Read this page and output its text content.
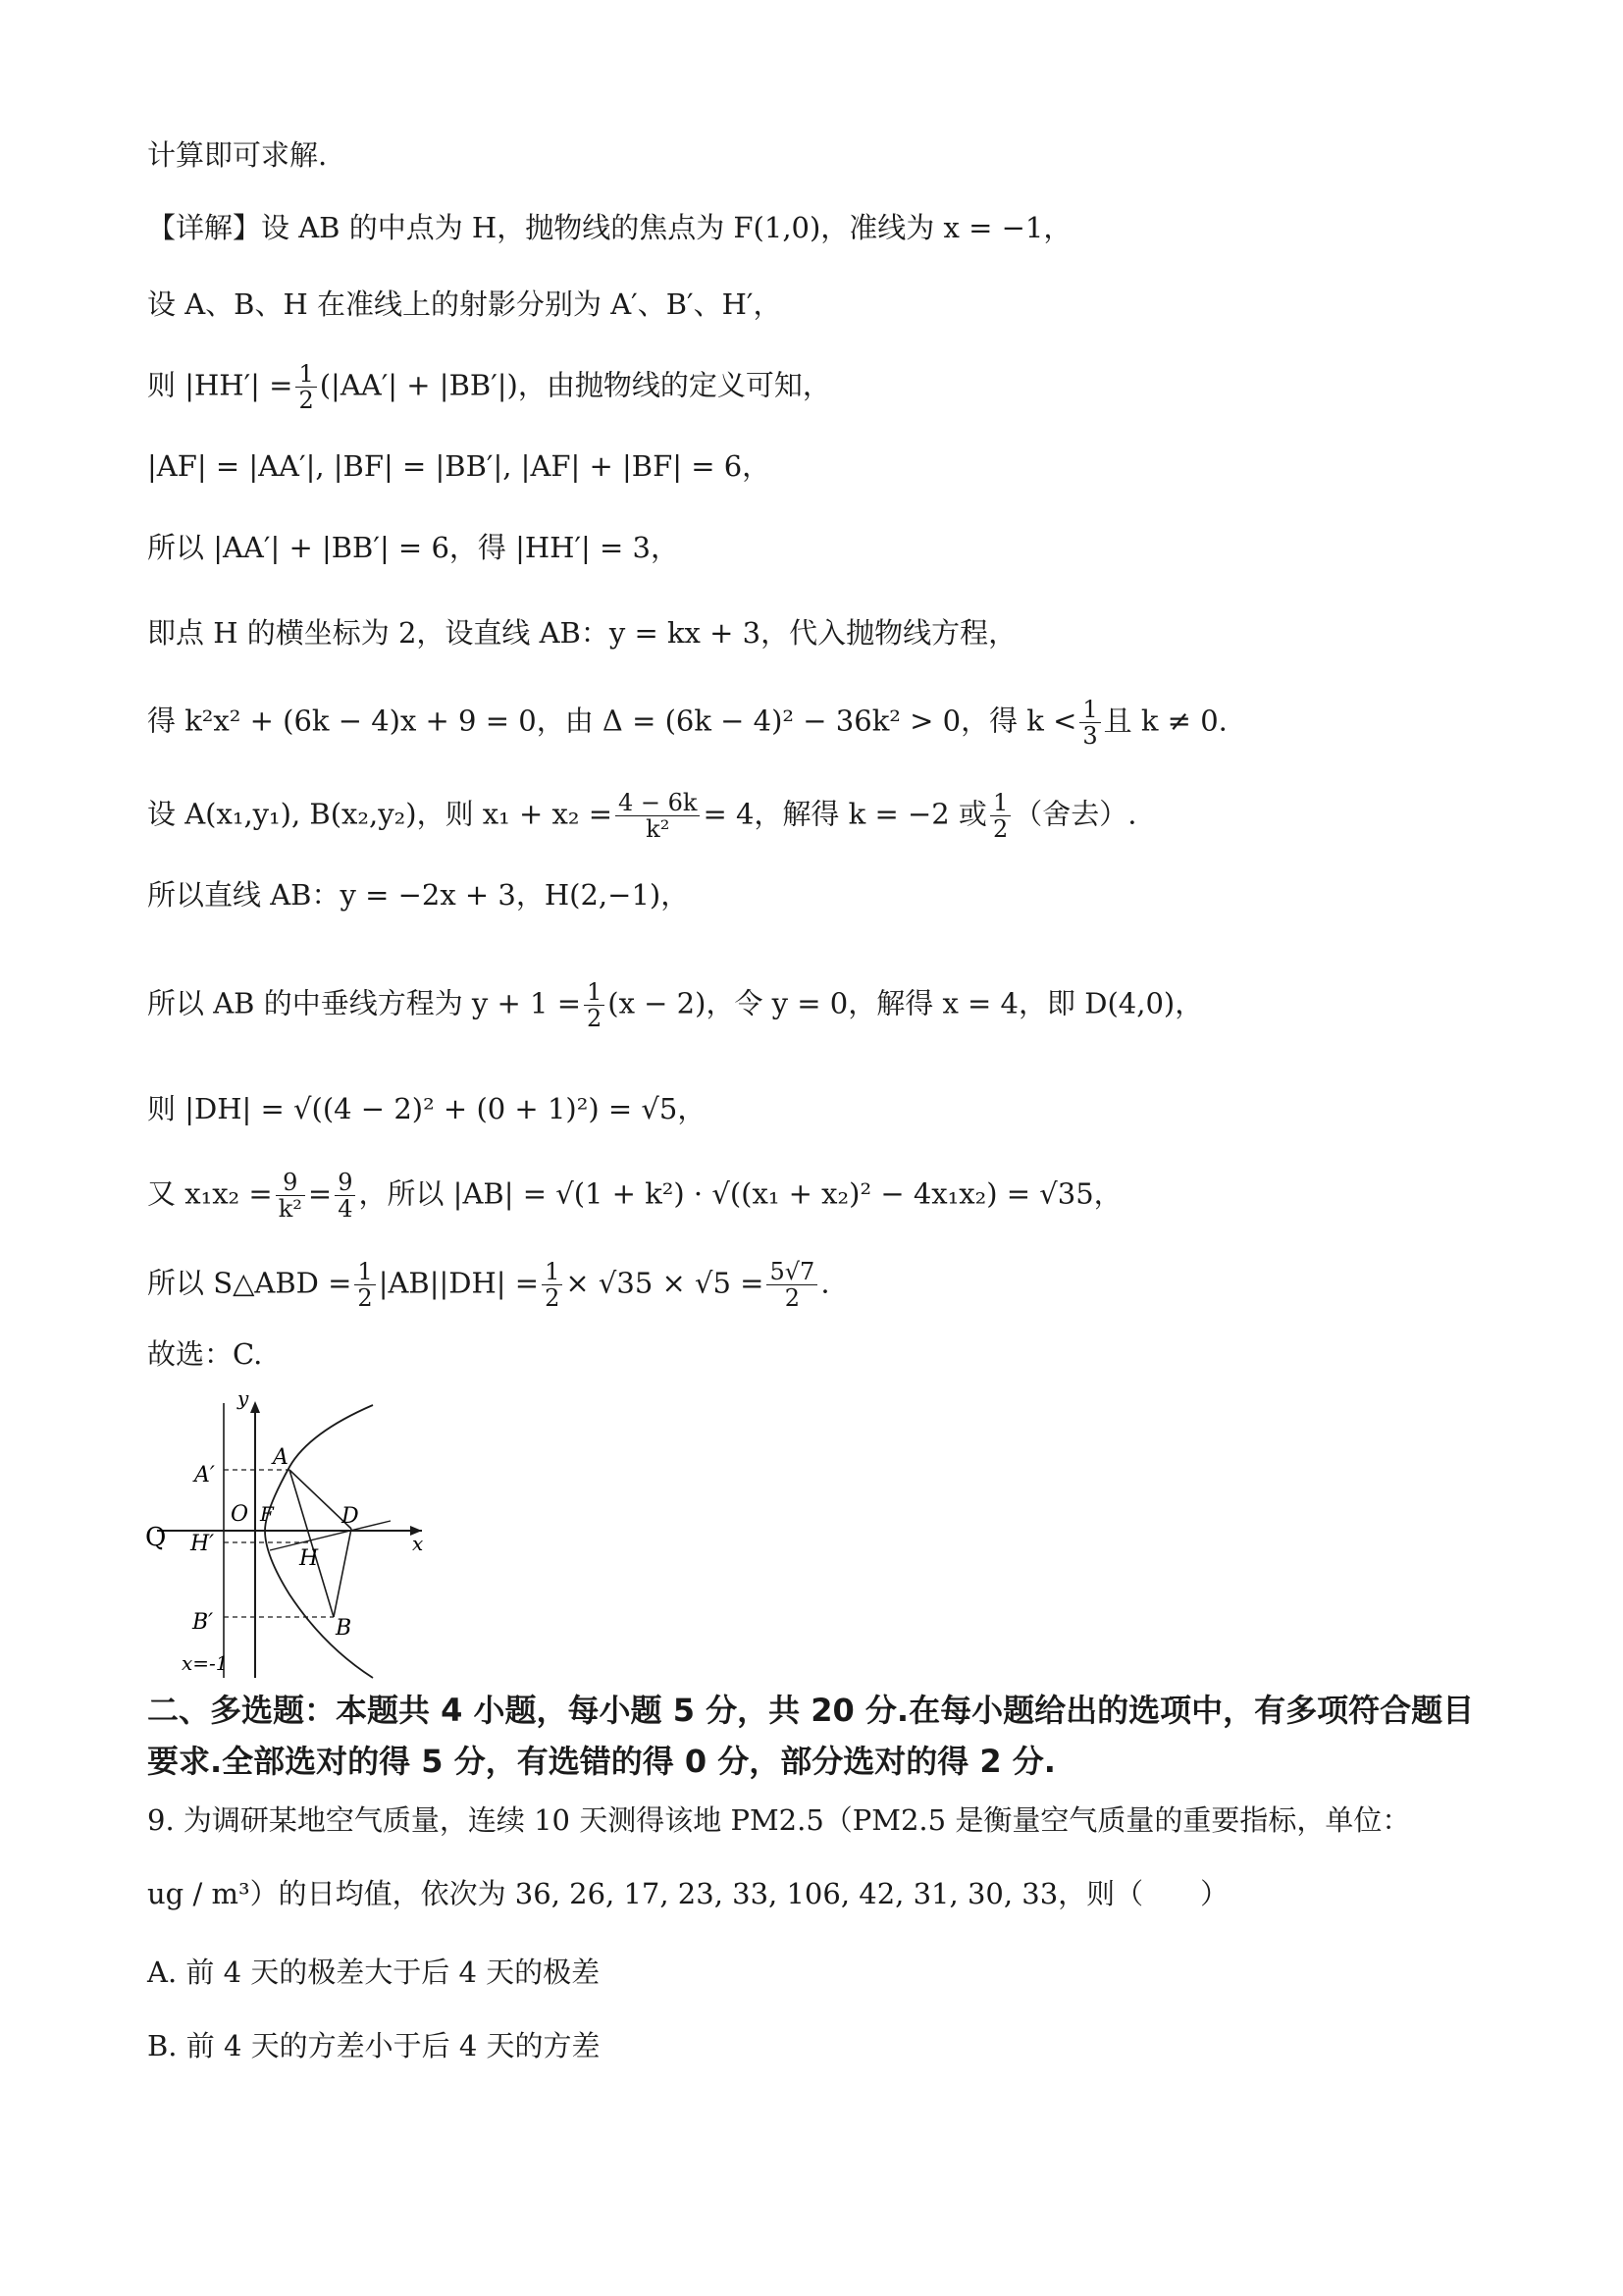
计算即可求解.
【详解】设 AB 的中点为 H，抛物线的焦点为 F(1,0)，准线为 x = −1，
设 A、B、H 在准线上的射影分别为 A′、B′、H′，
则 $|HH'| = \frac{1}{2} (|AA'| + |BB'|)$，由抛物线的定义可知，
|AF| = |AA′|, |BF| = |BB′|, |AF| + |BF| = 6，
所以 |AA′| + |BB′| = 6，得 |HH′| = 3，
即点 H 的横坐标为 2，设直线 AB：y = kx + 3，代入抛物线方程，
得 k²x² + (6k − 4)x + 9 = 0，由 Δ = (6k − 4)² − 36k² > 0，得 $k < \frac{1}{3}$ 且 k ≠ 0.
设 A(x₁,y₁), B(x₂,y₂)，则 $x_1 + x_2 = \frac{4 - 6k}{\text{k²}} = 4$，解得 k = −2 或 $\frac{1}{2}$ （舍去）.
所以直线 AB：y = −2x + 3，H(2,−1)，
所以 AB 的中垂线方程为 $y + 1 = \frac{1}{2} (x - 2)$，令 y = 0，解得 x = 4，即 D(4,0)，
则 |DH| = √((4 − 2)² + (0 + 1)²) = √5，
又 $x_1x_2 = \frac{9}{\text{k²}} = \frac{9}{4}$ ，所以 |AB| = √(1 + k²) · √((x₁ + x₂)² − 4x₁x₂) = √35，
所以 S△ABD = $\frac{1}{2} |AB||DH| = \frac{1}{2} \times √35 \times √5 = \frac{5√7}{2}$ .
故选：C.
y
x
O F
A
B
D
H
A′
H′
B′
x=-1
Q
二、多选题：本题共 4 小题，每小题 5 分，共 20 分.在每小题给出的选项中，有多项符合题目
要求.全部选对的得 5 分，有选错的得 0 分，部分选对的得 2 分.
9. 为调研某地空气质量，连续 10 天测得该地 PM2.5（PM2.5 是衡量空气质量的重要指标，单位：
ug / m³）的日均值，依次为 36, 26, 17, 23, 33, 106, 42, 31, 30, 33，则（　　）
A. 前 4 天的极差大于后 4 天的极差
B. 前 4 天的方差小于后 4 天的方差
